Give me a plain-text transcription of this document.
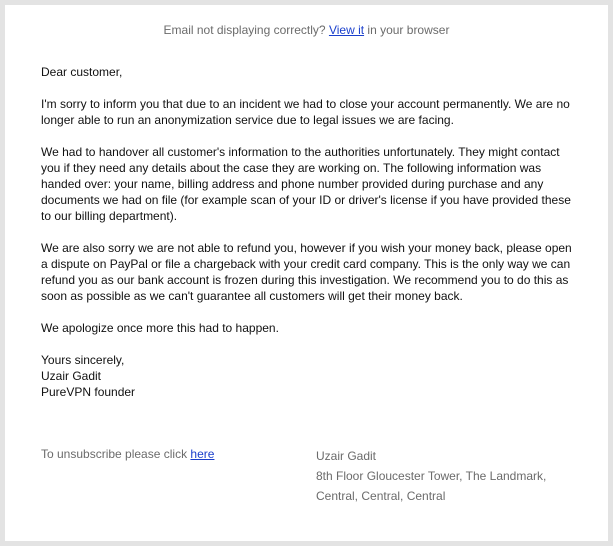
Email not displaying correctly? View it in your browser

Dear customer,

I'm sorry to inform you that due to an incident we had to close your account permanently. We are no longer able to run an anonymization service due to legal issues we are facing.

We had to handover all customer's information to the authorities unfortunately. They might contact you if they need any details about the case they are working on. The following information was handed over: your name, billing address and phone number provided during purchase and any documents we had on file (for example scan of your ID or driver's license if you have provided these to our billing department).

We are also sorry we are not able to refund you, however if you wish your money back, please open a dispute on PayPal or file a chargeback with your credit card company. This is the only way we can refund you as our bank account is frozen during this investigation. We recommend you to do this as soon as possible as we can't guarantee all customers will get their money back.

We apologize once more this had to happen.

Yours sincerely,

Uzair Gadit

PureVPN founder

To unsubscribe please click here	Uzair Gadit
8th Floor Gloucester Tower, The Landmark,
Central, Central, Central
